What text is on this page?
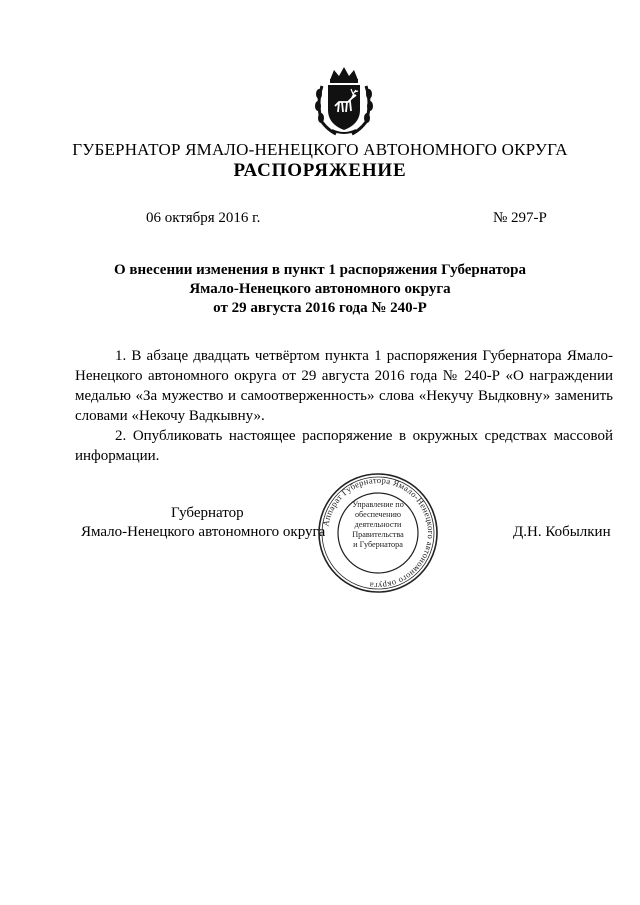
ГУБЕРНАТОР ЯМАЛО-НЕНЕЦКОГО АВТОНОМНОГО ОКРУГА
РАСПОРЯЖЕНИЕ
06 октября 2016 г.	№ 297-Р
О внесении изменения в пункт 1 распоряжения Губернатора
Ямало-Ненецкого автономного округа
от 29 августа 2016 года № 240-Р

1. В абзаце двадцать четвёртом пункта 1 распоряжения Губернатора Ямало-Ненецкого автономного округа от 29 августа 2016 года № 240-Р «О награждении медалью «За мужество и самоотверженность» слова «Некучу Выдковну» заменить словами «Некочу Вадкывну».

2. Опубликовать настоящее распоряжение в окружных средствах массовой информации.

Губернатор
Ямало-Ненецкого автономного округа
Аппарат Губернатора Ямало-Ненецкого автономного округа
Управление по
обеспечению
деятельности
Правительства
и Губернатора
Д.Н. Кобылкин
